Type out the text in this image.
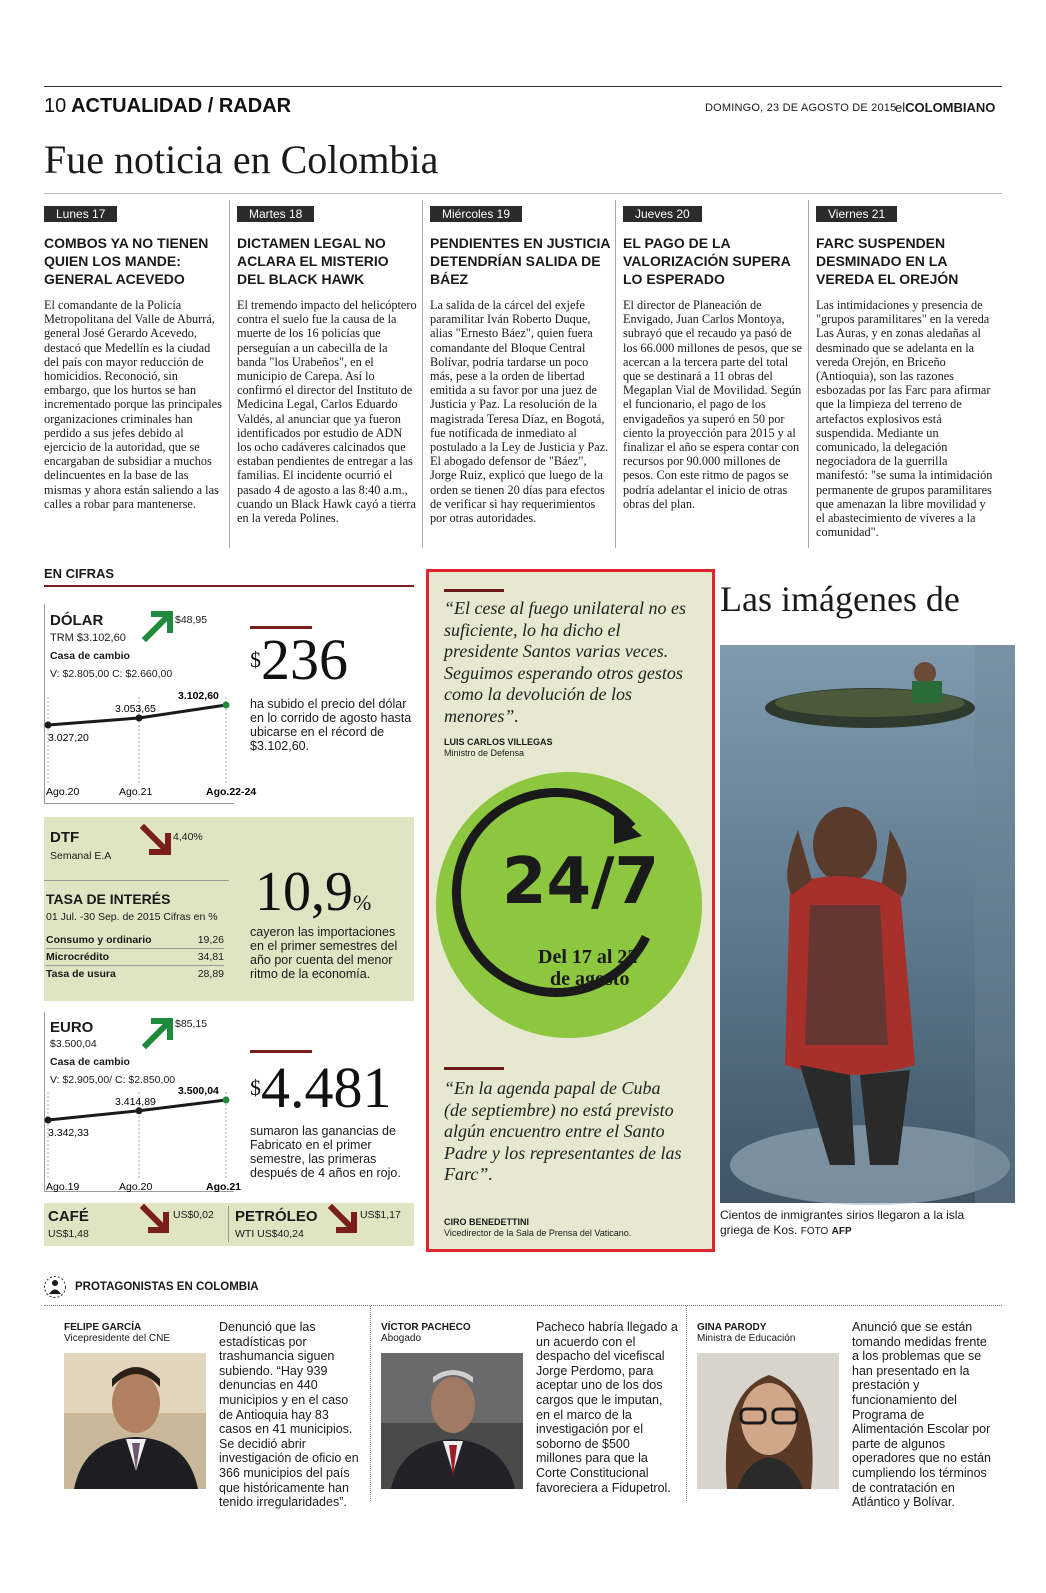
10 ACTUALIDAD / RADAR	DOMINGO, 23 DE AGOSTO DE 2015
elCOLOMBIANO
Fue noticia en Colombia
Lunes 17
COMBOS YA NO TIENEN QUIEN LOS MANDE: GENERAL ACEVEDO
El comandante de la Policía Metropolitana del Valle de Aburrá, general José Gerardo Acevedo, destacó que Medellín es la ciudad del país con mayor reducción de homicidios. Reconoció, sin embargo, que los hurtos se han incrementado porque las principales organizaciones criminales han perdido a sus jefes debido al ejercicio de la autoridad, que se encargaban de subsidiar a muchos delincuentes en la base de las mismas y ahora están saliendo a las calles a robar para mantenerse.
Martes 18
DICTAMEN LEGAL NO ACLARA EL MISTERIO DEL BLACK HAWK
El tremendo impacto del helicóptero contra el suelo fue la causa de la muerte de los 16 policías que perseguían a un cabecilla de la banda "los Urabeños", en el municipio de Carepa. Así lo confirmó el director del Instituto de Medicina Legal, Carlos Eduardo Valdés, al anunciar que ya fueron identificados por estudio de ADN los ocho cadáveres calcinados que estaban pendientes de entregar a las familias. El incidente ocurrió el pasado 4 de agosto a las 8:40 a.m., cuando un Black Hawk cayó a tierra en la vereda Polines.
Miércoles 19
PENDIENTES EN JUSTICIA DETENDRÍAN SALIDA DE BÁEZ
La salida de la cárcel del exjefe paramilitar Iván Roberto Duque, alias "Ernesto Báez", quien fuera comandante del Bloque Central Bolívar, podría tardarse un poco más, pese a la orden de libertad emitida a su favor por una juez de Justicia y Paz. La resolución de la magistrada Teresa Díaz, en Bogotá, fue notificada de inmediato al postulado a la Ley de Justicia y Paz. El abogado defensor de "Báez", Jorge Ruiz, explicó que luego de la orden se tienen 20 días para efectos de verificar si hay requerimientos por otras autoridades.
Jueves 20
EL PAGO DE LA VALORIZACIÓN SUPERA LO ESPERADO
El director de Planeación de Envigado, Juan Carlos Montoya, subrayó que el recaudo ya pasó de los 66.000 millones de pesos, que se acercan a la tercera parte del total que se destinará a 11 obras del Megaplan Vial de Movilidad. Según el funcionario, el pago de los envigadeños ya superó en 50 por ciento la proyección para 2015 y al finalizar el año se espera contar con recursos por 90.000 millones de pesos. Con este ritmo de pagos se podría adelantar el inicio de otras obras del plan.
Viernes 21
FARC SUSPENDEN DESMINADO EN LA VEREDA EL OREJÓN
Las intimidaciones y presencia de "grupos paramilitares" en la vereda Las Auras, y en zonas aledañas al desminado que se adelanta en la vereda Orejón, en Briceño (Antioquia), son las razones esbozadas por las Farc para afirmar que la limpieza del terreno de artefactos explosivos está suspendida. Mediante un comunicado, la delegación negociadora de la guerrilla manifestó: "se suma la intimidación permanente de grupos paramilitares que amenazan la libre movilidad y el abastecimiento de víveres a la comunidad".
EN CIFRAS
DÓLAR
TRM $3.102,60
Casa de cambio
V: $2.805,00 C: $2.660,00
$48,95
3.027,20
Ago.20
3.053,65
Ago.21
3.102,60
Ago.22-24
$236
ha subido el precio del dólar en lo corrido de agosto hasta ubicarse en el récord de $3.102,60.
DTF
Semanal E.A
4,40%
TASA DE INTERÉS
01 Jul. -30 Sep. de 2015 Cifras en %
Consumo y ordinario	19,26
Microcrédito	34,81
Tasa de usura	28,89
10,9%
cayeron las importaciones en el primer semestres del año por cuenta del menor ritmo de la economía.
EURO
$3.500,04
Casa de cambio
V: $2.905,00/ C: $2.850,00
$85,15
3.342,33
Ago.19
3.414,89
Ago.20
3.500,04
Ago.21
$4.481
sumaron las ganancias de Fabricato en el primer semestre, las primeras después de 4 años en rojo.
CAFÉ
US$1,48
US$0,02 PETRÓLEO
WTI US$40,24
US$1,17
“El cese al fuego unilateral no es suficiente, lo ha dicho el presidente Santos varias veces. Seguimos esperando otros gestos como la devolución de los menores”.
LUIS CARLOS VILLEGAS
Ministro de Defensa
24/7
Del 17 al 22
de agosto
“En la agenda papal de Cuba (de septiembre) no está previsto algún encuentro entre el Santo Padre y los representantes de las Farc”.
CIRO BENEDETTINI
Vicedirector de la Sala de Prensa del Vaticano.
Las imágenes de
Cientos de inmigrantes sirios llegaron a la isla griega de Kos. FOTO AFP
PROTAGONISTAS EN COLOMBIA
FELIPE GARCÍA
Vicepresidente del CNE
Denunció que las estadísticas por trashumancia siguen subiendo. “Hay 939 denuncias en 440 municipios y en el caso de Antioquia hay 83 casos en 41 municipios. Se decidió abrir investigación de oficio en 366 municipios del país que históricamente han tenido irregularidades”.
VÍCTOR PACHECO
Abogado
Pacheco habría llegado a un acuerdo con el despacho del vicefiscal Jorge Perdomo, para aceptar uno de los dos cargos que le imputan, en el marco de la investigación por el soborno de $500 millones para que la Corte Constitucional favoreciera a Fidupetrol.
GINA PARODY
Ministra de Educación
Anunció que se están tomando medidas frente a los problemas que se han presentado en la prestación y funcionamiento del Programa de Alimentación Escolar por parte de algunos operadores que no están cumpliendo los términos de contratación en Atlántico y Bolívar.
